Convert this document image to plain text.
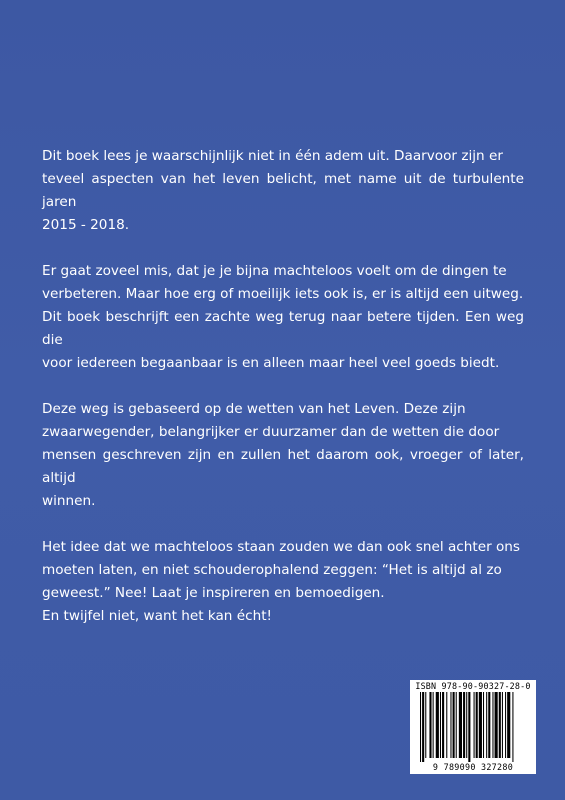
Dit boek lees je waarschijnlijk niet in één adem uit. Daarvoor zijn er
teveel aspecten van het leven belicht, met name uit de turbulente jaren
2015 - 2018.

Er gaat zoveel mis, dat je je bijna machteloos voelt om de dingen te
verbeteren. Maar hoe erg of moeilijk iets ook is, er is altijd een uitweg.
Dit boek beschrijft een zachte weg terug naar betere tijden. Een weg die
voor iedereen begaanbaar is en alleen maar heel veel goeds biedt.

Deze weg is gebaseerd op de wetten van het Leven. Deze zijn
zwaarwegender, belangrijker er duurzamer dan de wetten die door
mensen geschreven zijn en zullen het daarom ook, vroeger of later, altijd
winnen.

Het idee dat we machteloos staan zouden we dan ook snel achter ons
moeten laten, en niet schouderophalend zeggen: “Het is altijd al zo
geweest.” Nee! Laat je inspireren en bemoedigen.
En twijfel niet, want het kan écht!

ISBN 978-90-90327-28-0
9 789090 327280
